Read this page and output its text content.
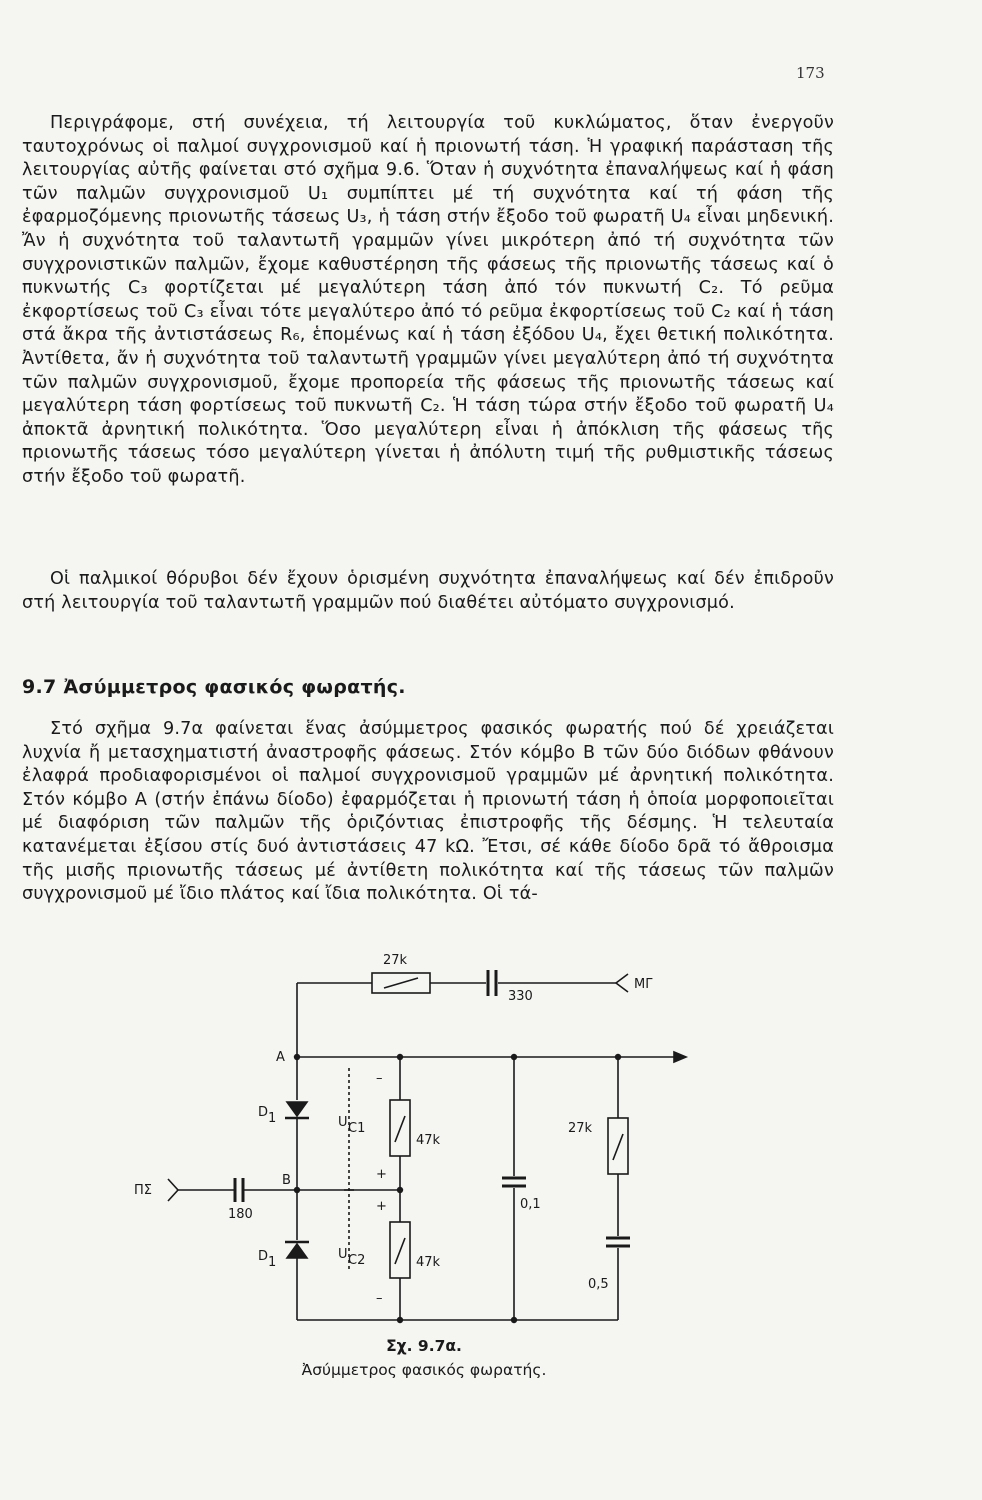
173

Περιγράφομε, στή συνέχεια, τή λειτουργία τοῦ κυκλώματος, ὅταν ἐνεργοῦν ταυτοχρόνως οἱ παλμοί συγχρονισμοῦ καί ἡ πριονωτή τάση. Ἡ γραφική παράσταση τῆς λειτουργίας αὐτῆς φαίνεται στό σχῆμα 9.6. Ὅταν ἡ συχνότητα ἐπαναλήψεως καί ἡ φάση τῶν παλμῶν συγχρονισμοῦ U₁ συμπίπτει μέ τή συχνότητα καί τή φάση τῆς ἐφαρμοζόμενης πριονωτῆς τάσεως U₃, ἡ τάση στήν ἔξοδο τοῦ φωρατῆ U₄ εἶναι μηδενική. Ἄν ἡ συχνότητα τοῦ ταλαντωτῆ γραμμῶν γίνει μικρότερη ἀπό τή συχνότητα τῶν συγχρονιστικῶν παλμῶν, ἔχομε καθυστέρηση τῆς φάσεως τῆς πριονωτῆς τάσεως καί ὁ πυκνωτής C₃ φορτίζεται μέ μεγαλύτερη τάση ἀπό τόν πυκνωτή C₂. Τό ρεῦμα ἐκφορτίσεως τοῦ C₃ εἶναι τότε μεγαλύτερο ἀπό τό ρεῦμα ἐκφορτίσεως τοῦ C₂ καί ἡ τάση στά ἄκρα τῆς ἀντιστάσεως R₆, ἑπομένως καί ἡ τάση ἐξόδου U₄, ἔχει θετική πολικότητα. Ἀντίθετα, ἄν ἡ συχνότητα τοῦ ταλαντωτῆ γραμμῶν γίνει μεγαλύτερη ἀπό τή συχνότητα τῶν παλμῶν συγχρονισμοῦ, ἔχομε προπορεία τῆς φάσεως τῆς πριονωτῆς τάσεως καί μεγαλύτερη τάση φορτίσεως τοῦ πυκνωτῆ C₂. Ἡ τάση τώρα στήν ἔξοδο τοῦ φωρατῆ U₄ ἀποκτᾶ ἀρνητική πολικότητα. Ὅσο μεγαλύτερη εἶναι ἡ ἀπόκλιση τῆς φάσεως τῆς πριονωτῆς τάσεως τόσο μεγαλύτερη γίνεται ἡ ἀπόλυτη τιμή τῆς ρυθμιστικῆς τάσεως στήν ἔξοδο τοῦ φωρατῆ.

Οἱ παλμικοί θόρυβοι δέν ἔχουν ὁρισμένη συχνότητα ἐπαναλήψεως καί δέν ἐπιδροῦν στή λειτουργία τοῦ ταλαντωτῆ γραμμῶν πού διαθέτει αὐτόματο συγχρονισμό.

9.7 Ἀσύμμετρος φασικός φωρατής.

Στό σχῆμα 9.7α φαίνεται ἕνας ἀσύμμετρος φασικός φωρατής πού δέ χρειάζεται λυχνία ἤ μετασχηματιστή ἀναστροφῆς φάσεως. Στόν κόμβο Β τῶν δύο διόδων φθάνουν ἐλαφρά προδιαφορισμένοι οἱ παλμοί συγχρονισμοῦ γραμμῶν μέ ἀρνητική πολικότητα. Στόν κόμβο Α (στήν ἐπάνω δίοδο) ἐφαρμόζεται ἡ πριονωτή τάση ἡ ὁποία μορφοποιεῖται μέ διαφόριση τῶν παλμῶν τῆς ὁριζόντιας ἐπιστροφῆς τῆς δέσμης. Ἡ τελευταία κατανέμεται ἐξίσου στίς δυό ἀντιστάσεις 47 kΩ. Ἔτσι, σέ κάθε δίοδο δρᾶ τό ἄθροισμα τῆς μισῆς πριονωτῆς τάσεως μέ ἀντίθετη πολικότητα καί τῆς τάσεως τῶν παλμῶν συγχρονισμοῦ μέ ἴδιο πλάτος καί ἴδια πολικότητα. Οἱ τά-

27k
330
ΜΓ
A
B
D 1
D 1
U C1
U C2
47k
47k
ΠΣ
180
0,1
27k
0,5
–
+
+
–
Σχ. 9.7α.
Ἀσύμμετρος φασικός φωρατής.
